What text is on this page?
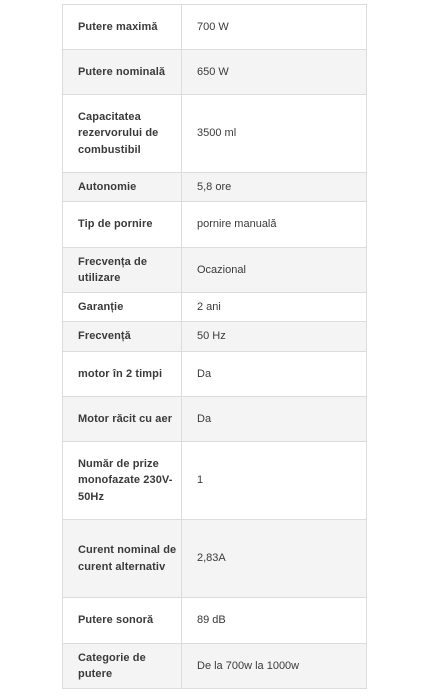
Putere maximă	700 W
Putere nominală	650 W
Capacitatea rezervorului de combustibil	3500 ml
Autonomie	5,8 ore
Tip de pornire	pornire manuală
Frecvența de utilizare	Ocazional
Garanție	2 ani
Frecvență	50 Hz
motor în 2 timpi	Da
Motor răcit cu aer	Da
Număr de prize monofazate 230V-50Hz	1
Curent nominal de curent alternativ	2,83A
Putere sonoră	89 dB
Categorie de putere	De la 700w la 1000w
